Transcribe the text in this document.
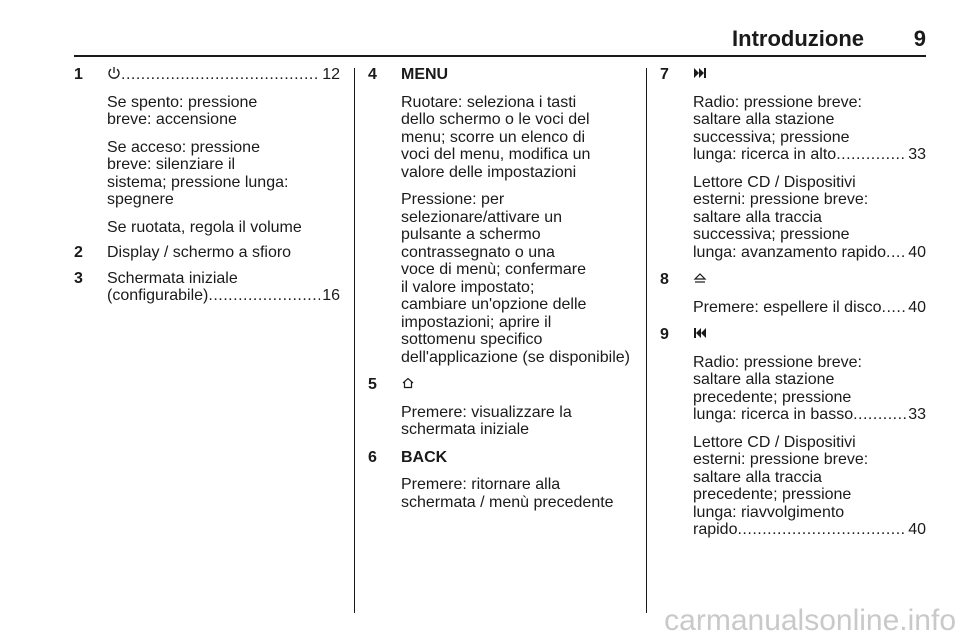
Introduzione 9
1 .....	12
Se spento: pressione
breve: accensione
Se acceso: pressione
breve: silenziare il
sistema; pressione lunga:
spegnere
Se ruotata, regola il volume
2 Display / schermo a sfioro
3 Schermata iniziale
(configurabile) .....	16
4 MENU
Ruotare: seleziona i tasti
dello schermo o le voci del
menu; scorre un elenco di
voci del menu, modifica un
valore delle impostazioni
Pressione: per
selezionare/attivare un
pulsante a schermo
contrassegnato o una
voce di menù; confermare
il valore impostato;
cambiare un'opzione delle
impostazioni; aprire il
sottomenu specifico
dell'applicazione (se disponibile)
5
Premere: visualizzare la
schermata iniziale
6 BACK
Premere: ritornare alla
schermata / menù precedente
7
Radio: pressione breve:
saltare alla stazione
successiva; pressione
lunga: ricerca in alto .....	33
Lettore CD / Dispositivi
esterni: pressione breve:
saltare alla traccia
successiva; pressione
lunga: avanzamento rapido ..... 40
8
Premere: espellere il disco ..... 40
9
Radio: pressione breve:
saltare alla stazione
precedente; pressione
lunga: ricerca in basso .....	33
Lettore CD / Dispositivi
esterni: pressione breve:
saltare alla traccia
precedente; pressione
lunga: riavvolgimento
rapido .....	40
carmanualsonline.info
